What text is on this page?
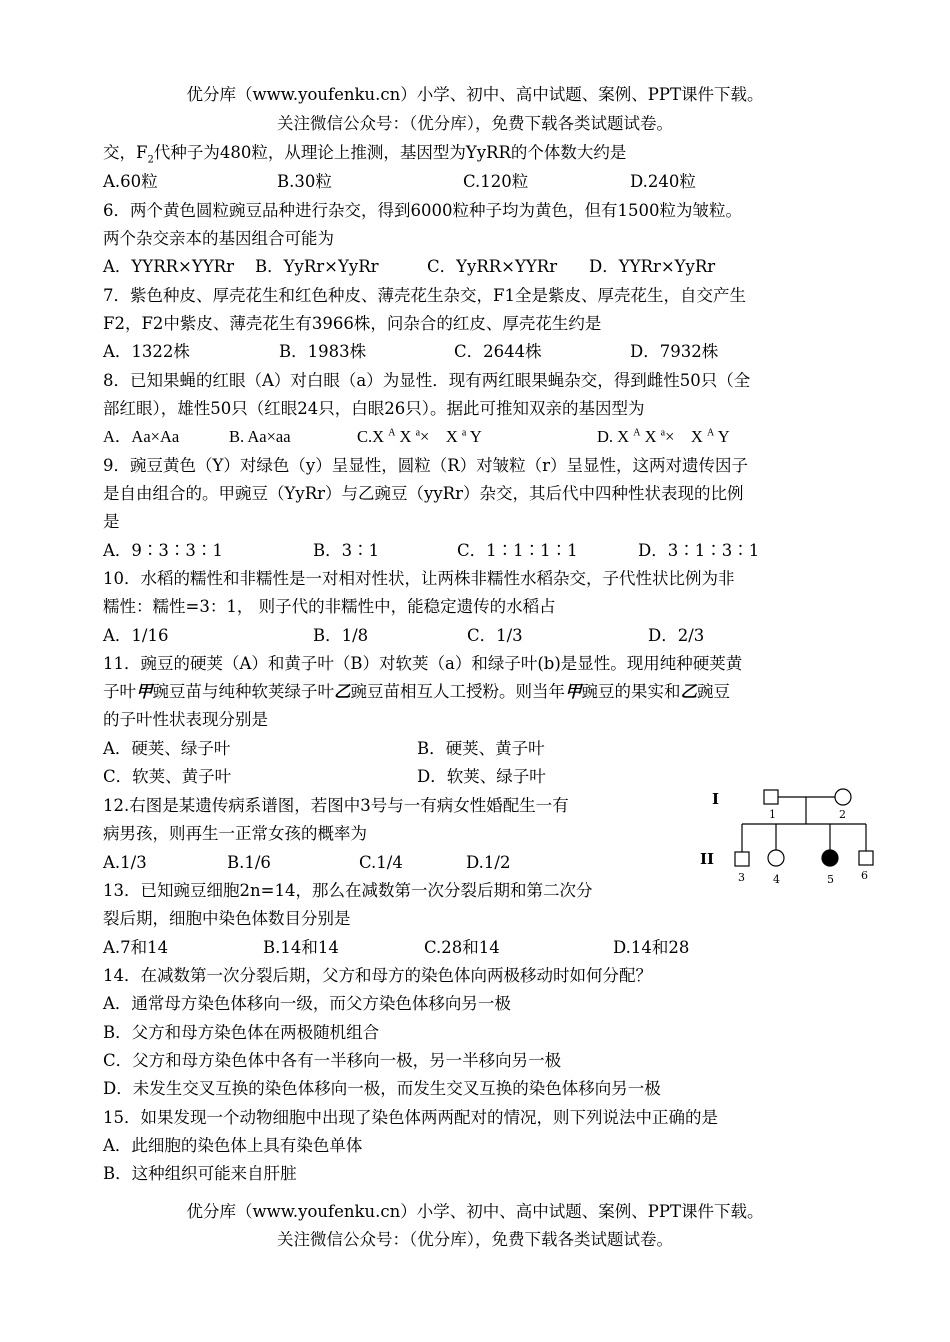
优分库（www.youfenku.cn）小学、初中、高中试题、案例、PPT课件下载。
关注微信公众号：（优分库），免费下载各类试题试卷。
交，$F_2$代种子为480粒，从理论上推测，基因型为YyRR的个体数大约是
A.60粒	B.30粒	C.120粒	D.240粒
6．两个黄色圆粒豌豆品种进行杂交，得到6000粒种子均为黄色，但有1500粒为皱粒。
两个杂交亲本的基因组合可能为
A．YYRR×YYRr B．YyRr×YyRr	C．YyRR×YYRr D．YYRr×YyRr
7．紫色种皮、厚壳花生和红色种皮、薄壳花生杂交，F1全是紫皮、厚壳花生，自交产生
F2，F2中紫皮、薄壳花生有3966株，问杂合的红皮、厚壳花生约是
A．1322株	B．1983株	C．2644株	D．7932株
8．已知果蝇的红眼（A）对白眼（a）为显性．现有两红眼果蝇杂交，得到雌性50只（全
部红眼），雄性50只（红眼24只，白眼26只）。据此可推知双亲的基因型为
A．Aa×Aa	B. Aa×aa	C.X $^A$ X $^a$× X $^a$ Y	D. X $^A$ X $^a$× X $^A$ Y
9．豌豆黄色（Y）对绿色（y）呈显性，圆粒（R）对皱粒（r）呈显性，这两对遗传因子
是自由组合的。甲豌豆（YyRr）与乙豌豆（yyRr）杂交，其后代中四种性状表现的比例
是
A．9∶3∶3∶1	B．3∶1	C．1∶1∶1∶1	D．3∶1∶3∶1
10．水稻的糯性和非糯性是一对相对性状，让两株非糯性水稻杂交，子代性状比例为非
糯性：糯性=3：1， 则子代的非糯性中，能稳定遗传的水稻占
A．1/16	B．1/8	C．1/3	D．2/3
11．豌豆的硬荚（A）和黄子叶（B）对软荚（a）和绿子叶(b)是显性。现用纯种硬荚黄
子叶甲豌豆苗与纯种软荚绿子叶乙豌豆苗相互人工授粉。则当年甲豌豆的果实和乙豌豆
的子叶性状表现分别是
A．硬荚、绿子叶	B．硬荚、黄子叶
C．软荚、黄子叶	D．软荚、绿子叶
12.右图是某遗传病系谱图，若图中3号与一有病女性婚配生一有
病男孩，则再生一正常女孩的概率为
A.1/3	B.1/6	C.1/4	D.1/2
I
II
1	2
3	4	5 6
13．已知豌豆细胞2n=14，那么在减数第一次分裂后期和第二次分
裂后期，细胞中染色体数目分别是
A.7和14	B.14和14	C.28和14	D.14和28
14．在减数第一次分裂后期，父方和母方的染色体向两极移动时如何分配？
A．通常母方染色体移向一级，而父方染色体移向另一极
B．父方和母方染色体在两极随机组合
C．父方和母方染色体中各有一半移向一极，另一半移向另一极
D．未发生交叉互换的染色体移向一极，而发生交叉互换的染色体移向另一极
15．如果发现一个动物细胞中出现了染色体两两配对的情况，则下列说法中正确的是
A．此细胞的染色体上具有染色单体
B．这种组织可能来自肝脏
优分库（www.youfenku.cn）小学、初中、高中试题、案例、PPT课件下载。
关注微信公众号：（优分库），免费下载各类试题试卷。
